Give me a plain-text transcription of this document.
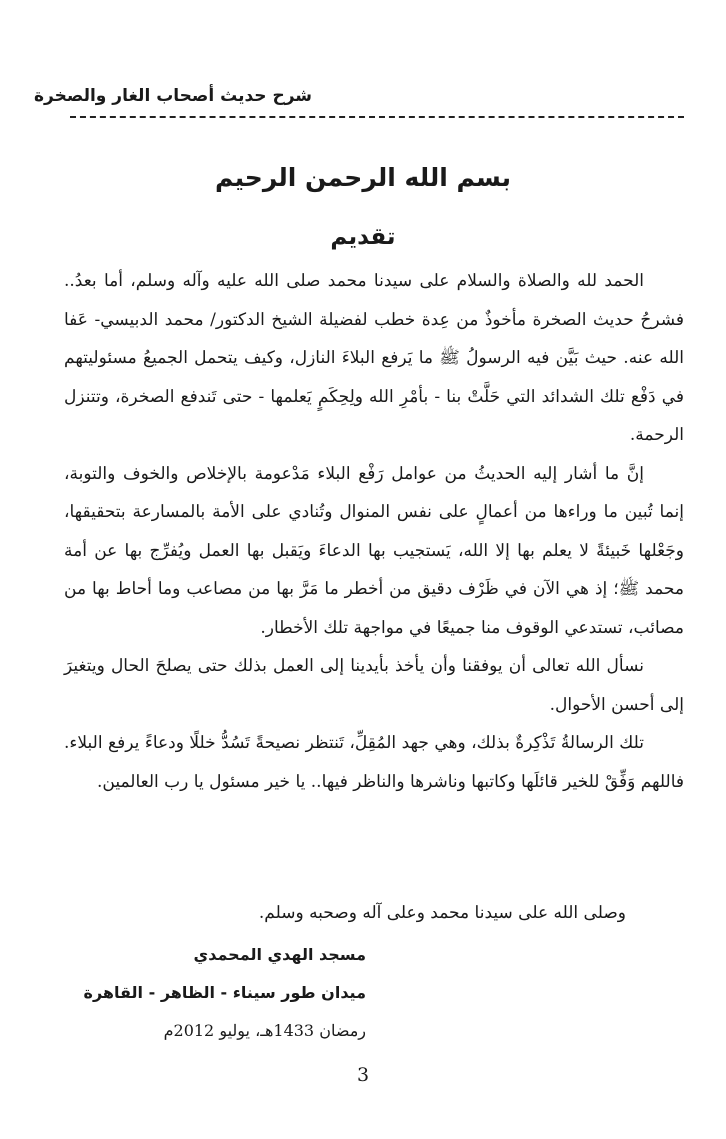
شرح حديث أصحاب الغار والصخرة
بسم الله الرحمن الرحيم
تقديم

الحمد لله والصلاة والسلام على سيدنا محمد صلى الله عليه وآله وسلم، أما بعدُ.. فشرحُ حديث الصخرة مأخوذٌ من عِدة خطب لفضيلة الشيخ الدكتور/ محمد الدبيسي- عَفا الله عنه. حيث بَيَّن فيه الرسولُ ﷺ ما يَرفع البلاءَ النازل، وكيف يتحمل الجميعُ مسئوليتهم في دَفْع تلك الشدائد التي حَلَّتْ بنا - بأمْرِ الله ولِحِكَمٍ يَعلمها - حتى تَندفع الصخرة، وتتنزل الرحمة.

إنَّ ما أشار إليه الحديثُ من عوامل رَفْع البلاء مَدْعومة بالإخلاص والخوف والتوبة، إنما تُبين ما وراءها من أعمالٍ على نفس المنوال وتُنادي على الأمة بالمسارعة بتحقيقها، وجَعْلها خَبيئةً لا يعلم بها إلا الله، يَستجيب بها الدعاءَ ويَقبل بها العمل ويُفرِّج بها عن أمة محمد ﷺ؛ إذ هي الآن في ظَرْف دقيق من أخطر ما مَرَّ بها من مصاعب وما أحاط بها من مصائب، تستدعي الوقوف منا جميعًا في مواجهة تلك الأخطار.

نسأل الله تعالى أن يوفقنا وأن يأخذ بأيدينا إلى العمل بذلك حتى يصلحَ الحال ويتغيرَ إلى أحسن الأحوال.

تلك الرسالةُ تَذْكِرةٌ بذلك، وهي جهد المُقِلِّ، تَنتظر نصيحةً تَسُدُّ خللًا ودعاءً يرفع البلاء. فاللهم وَفِّقْ للخير قائلَها وكاتبها وناشرها والناظر فيها.. يا خير مسئول يا رب العالمين.

وصلى الله على سيدنا محمد وعلى آله وصحبه وسلم.
مسجد الهدي المحمدي
ميدان طور سيناء - الظاهر - القاهرة
رمضان 1433هـ، يوليو 2012م
3
